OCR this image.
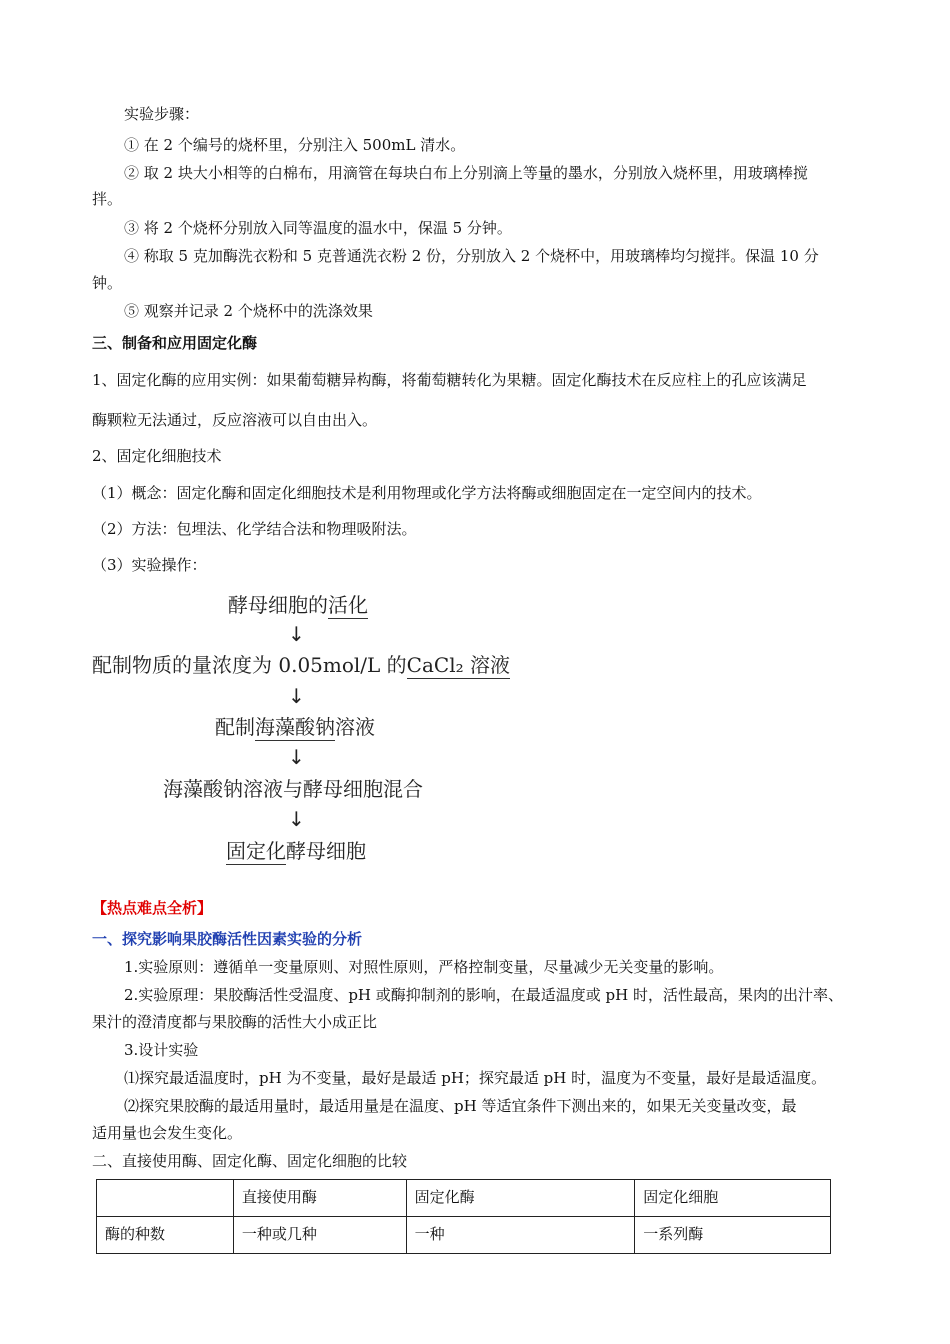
实验步骤：
① 在 2 个编号的烧杯里，分别注入 500mL 清水。
② 取 2 块大小相等的白棉布，用滴管在每块白布上分别滴上等量的墨水，分别放入烧杯里，用玻璃棒搅
拌。
③ 将 2 个烧杯分别放入同等温度的温水中，保温 5 分钟。
④ 称取 5 克加酶洗衣粉和 5 克普通洗衣粉 2 份，分别放入 2 个烧杯中，用玻璃棒均匀搅拌。保温 10 分
钟。
⑤ 观察并记录 2 个烧杯中的洗涤效果
三、制备和应用固定化酶
1、固定化酶的应用实例：如果葡萄糖异构酶，将葡萄糖转化为果糖。固定化酶技术在反应柱上的孔应该满足
酶颗粒无法通过，反应溶液可以自由出入。
2、固定化细胞技术
（1）概念：固定化酶和固定化细胞技术是利用物理或化学方法将酶或细胞固定在一定空间内的技术。
（2）方法：包埋法、化学结合法和物理吸附法。
（3）实验操作：
酵母细胞的活化
↓
配制物质的量浓度为 0.05mol/L 的CaCl₂ 溶液
↓
配制海藻酸钠溶液
↓
海藻酸钠溶液与酵母细胞混合
↓
固定化酵母细胞
【热点难点全析】
一、探究影响果胶酶活性因素实验的分析
1.实验原则：遵循单一变量原则、对照性原则，严格控制变量，尽量减少无关变量的影响。
2.实验原理：果胶酶活性受温度、pH 或酶抑制剂的影响，在最适温度或 pH 时，活性最高，果肉的出汁率、
果汁的澄清度都与果胶酶的活性大小成正比
3.设计实验
⑴探究最适温度时，pH 为不变量，最好是最适 pH；探究最适 pH 时，温度为不变量，最好是最适温度。
⑵探究果胶酶的最适用量时，最适用量是在温度、pH 等适宜条件下测出来的，如果无关变量改变，最
适用量也会发生变化。
二、直接使用酶、固定化酶、固定化细胞的比较
	直接使用酶	固定化酶	固定化细胞
酶的种数	一种或几种	一种	一系列酶
